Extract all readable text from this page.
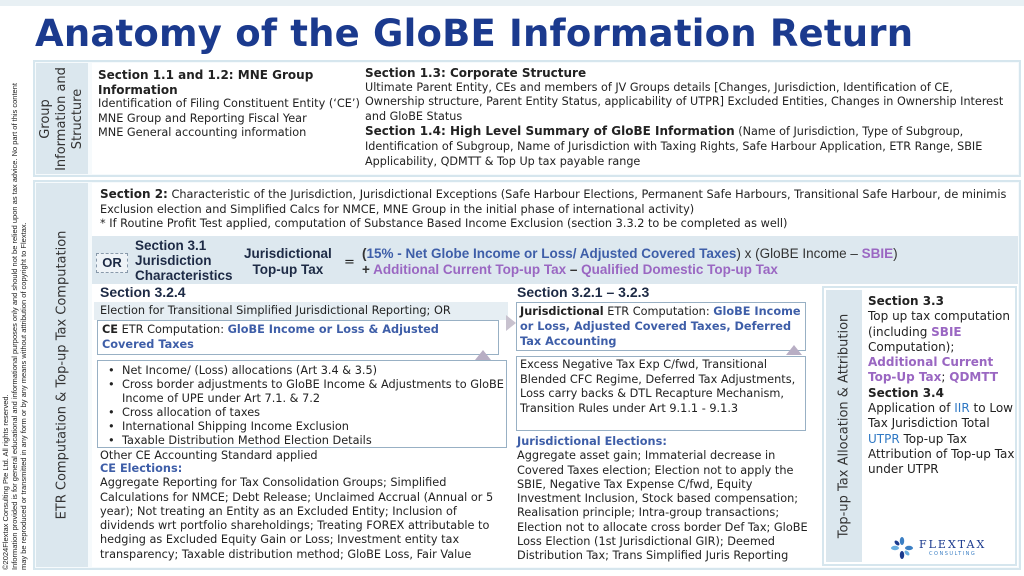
Anatomy of the GloBE Information Return
©2024Flextax Consulting Pte Ltd. All rights reserved. Information provided is for general educational and informational purposes only and should not be relied upon as tax advice. No part of this content may be reproduced or transmitted in any form or by any means without attribution of copyright to Flextax.
Group Information and Structure
Section 1.1 and 1.2: MNE Group Information
Identification of Filing Constituent Entity (‘CE’)
MNE Group and Reporting Fiscal Year
MNE General accounting information
Section 1.3: Corporate Structure
Ultimate Parent Entity, CEs and members of JV Groups details [Changes, Jurisdiction, Identification of CE, Ownership structure, Parent Entity Status, applicability of UTPR] Excluded Entities, Changes in Ownership Interest and GloBE Status
Section 1.4: High Level Summary of GloBE Information (Name of Jurisdiction, Type of Subgroup, Identification of Subgroup, Name of Jurisdiction with Taxing Rights, Safe Harbour Application, ETR Range, SBIE Applicability, QDMTT & Top Up tax payable range
ETR Computation & Top-up Tax Computation
Section 2: Characteristic of the Jurisdiction, Jurisdictional Exceptions (Safe Harbour Elections, Permanent Safe Harbours, Transitional Safe Harbour, de minimis Exclusion election and Simplified Calcs for NMCE, MNE Group in the initial phase of international activity)
* If Routine Profit Test applied, computation of Substance Based Income Exclusion (section 3.3.2 to be completed as well)
OR
Section 3.1
Jurisdiction
Characteristics
Jurisdictional
Top-up Tax	=
(15% - Net Globe Income or Loss/ Adjusted Covered Taxes) x (GloBE Income – SBIE)
+ Additional Current Top-up Tax – Qualified Domestic Top-up Tax
Section 3.2.4
Election for Transitional Simplified Jurisdictional Reporting; OR
CE ETR Computation: GloBE Income or Loss & Adjusted Covered Taxes
• Net Income/ (Loss) allocations (Art 3.4 & 3.5)
• Cross border adjustments to GloBE Income & Adjustments to GloBE Income of UPE under Art 7.1. & 7.2
• Cross allocation of taxes
• International Shipping Income Exclusion
• Taxable Distribution Method Election Details
Other CE Accounting Standard applied
CE Elections:
Aggregate Reporting for Tax Consolidation Groups; Simplified Calculations for NMCE; Debt Release; Unclaimed Accrual (Annual or 5 year); Not treating an Entity as an Excluded Entity; Inclusion of dividends wrt portfolio shareholdings; Treating FOREX attributable to hedging as Excluded Equity Gain or Loss; Investment entity tax transparency; Taxable distribution method; GloBE Loss, Fair Value
Section 3.2.1 – 3.2.3
Jurisdictional ETR Computation: GloBE Income or Loss, Adjusted Covered Taxes, Deferred Tax Accounting
Excess Negative Tax Exp C/fwd, Transitional Blended CFC Regime, Deferred Tax Adjustments, Loss carry backs & DTL Recapture Mechanism, Transition Rules under Art 9.1.1 - 9.1.3
Jurisdictional Elections:
Aggregate asset gain; Immaterial decrease in Covered Taxes election; Election not to apply the SBIE, Negative Tax Expense C/fwd, Equity Investment Inclusion, Stock based compensation; Realisation principle; Intra-group transactions; Election not to allocate cross border Def Tax; GloBE Loss Election (1st Jurisdictional GIR); Deemed Distribution Tax; Trans Simplified Juris Reporting
Top-up Tax Allocation & Attribution
Section 3.3
Top up tax computation (including SBIE Computation); Additional Current Top-Up Tax; QDMTT
Section 3.4
Application of IIR to Low Tax Jurisdiction Total UTPR Top-up Tax
Attribution of Top-up Tax under UTPR
FLEXTAX
CONSULTING
